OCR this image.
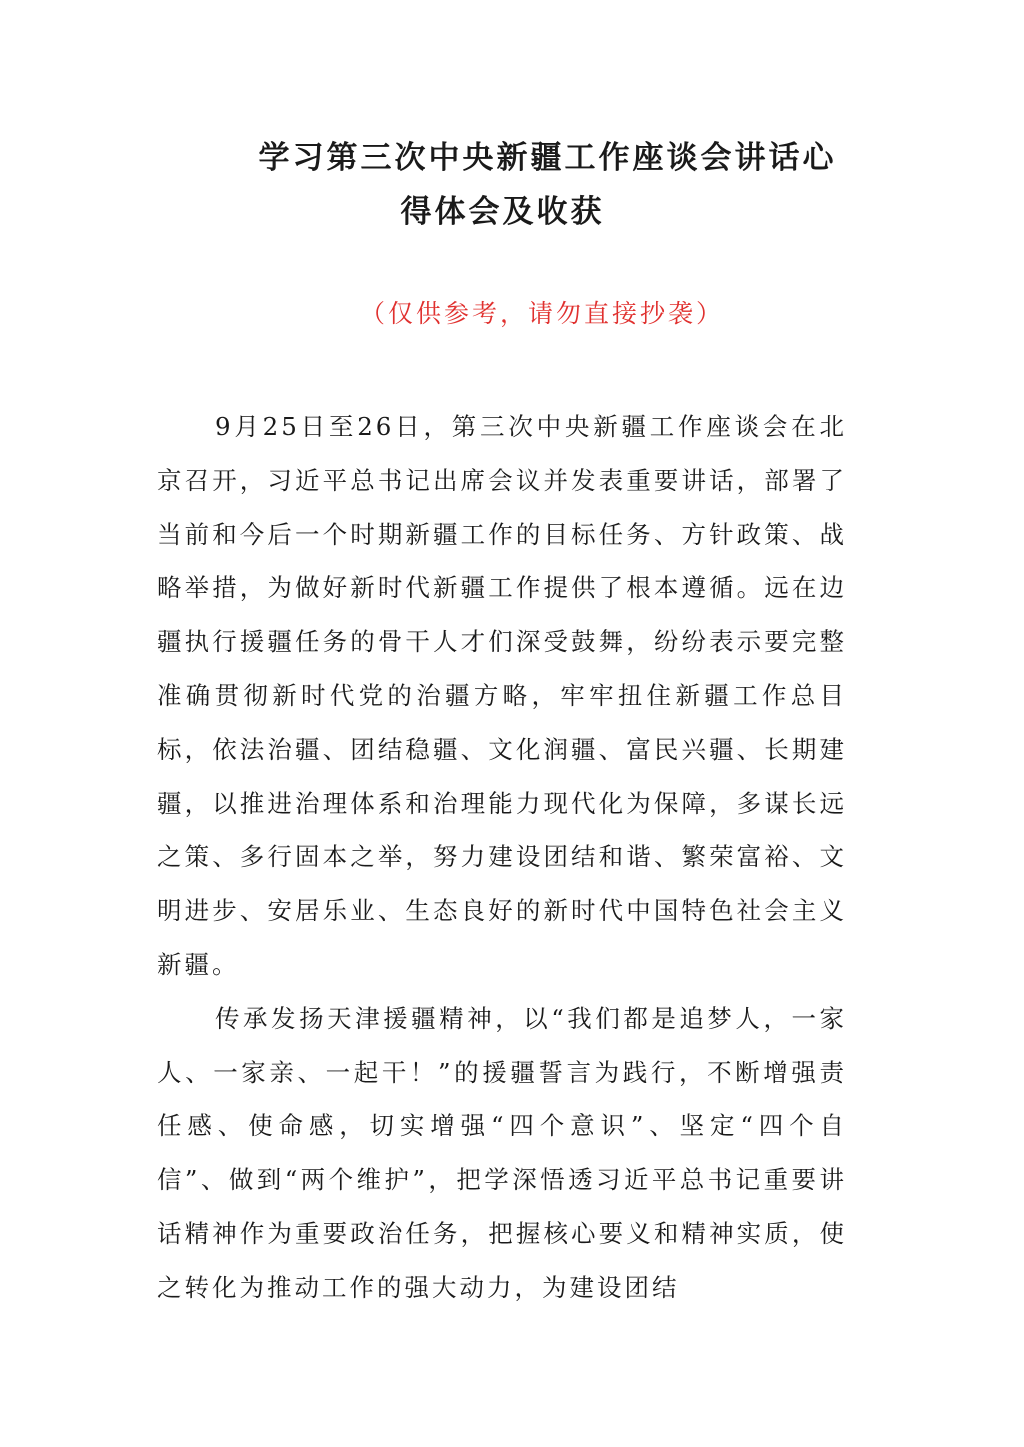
学习第三次中央新疆工作座谈会讲话心
得体会及收获

（仅供参考，请勿直接抄袭）

9月25日至26日，第三次中央新疆工作座谈会在北京召开，习近平总书记出席会议并发表重要讲话，部署了当前和今后一个时期新疆工作的目标任务、方针政策、战略举措，为做好新时代新疆工作提供了根本遵循。远在边疆执行援疆任务的骨干人才们深受鼓舞，纷纷表示要完整准确贯彻新时代党的治疆方略，牢牢扭住新疆工作总目标，依法治疆、团结稳疆、文化润疆、富民兴疆、长期建疆，以推进治理体系和治理能力现代化为保障，多谋长远之策、多行固本之举，努力建设团结和谐、繁荣富裕、文明进步、安居乐业、生态良好的新时代中国特色社会主义新疆。

传承发扬天津援疆精神，以“我们都是追梦人，一家人、一家亲、一起干！”的援疆誓言为践行，不断增强责任感、使命感，切实增强“四个意识”、坚定“四个自信”、做到“两个维护”，把学深悟透习近平总书记重要讲话精神作为重要政治任务，把握核心要义和精神实质，使之转化为推动工作的强大动力，为建设团结
